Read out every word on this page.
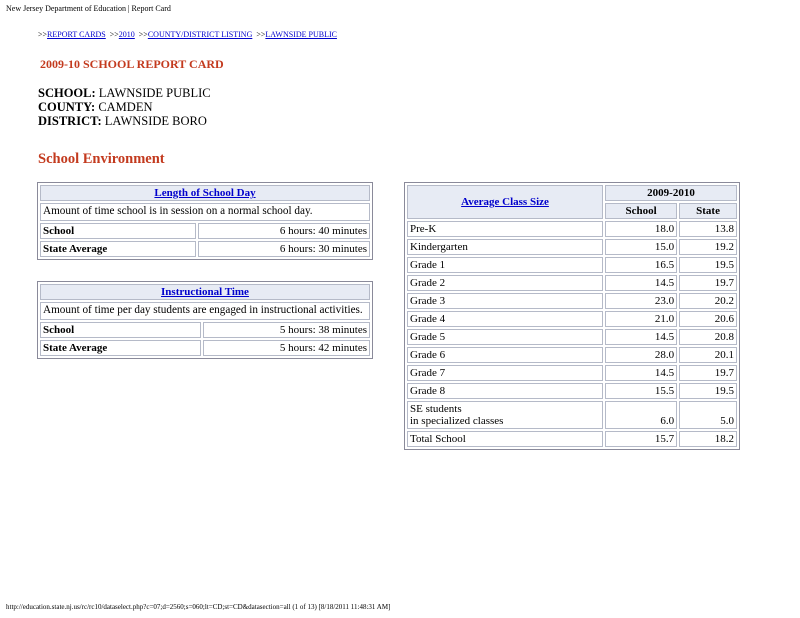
New Jersey Department of Education | Report Card
>>REPORT CARDS >>2010 >>COUNTY/DISTRICT LISTING >>LAWNSIDE PUBLIC
2009-10 SCHOOL REPORT CARD
SCHOOL: LAWNSIDE PUBLIC
COUNTY: CAMDEN
DISTRICT: LAWNSIDE BORO
School Environment
Length of School Day	
Amount of time school is in session on a normal school day.	
School	6 hours: 40 minutes
State Average	6 hours: 30 minutes
Instructional Time	
Amount of time per day students are engaged in instructional activities.	
School	5 hours: 38 minutes
State Average	5 hours: 42 minutes
Average Class Size	2009-2010	
	School	State
Pre-K	18.0	13.8
Kindergarten	15.0	19.2
Grade 1	16.5	19.5
Grade 2	14.5	19.7
Grade 3	23.0	20.2
Grade 4	21.0	20.6
Grade 5	14.5	20.8
Grade 6	28.0	20.1
Grade 7	14.5	19.7
Grade 8	15.5	19.5

SE students
in specialized classes	6.0	5.0
Total School	15.7	18.2
http://education.state.nj.us/rc/rc10/dataselect.php?c=07;d=2560;s=060;lt=CD;st=CD&datasection=all (1 of 13) [8/18/2011 11:48:31 AM]
